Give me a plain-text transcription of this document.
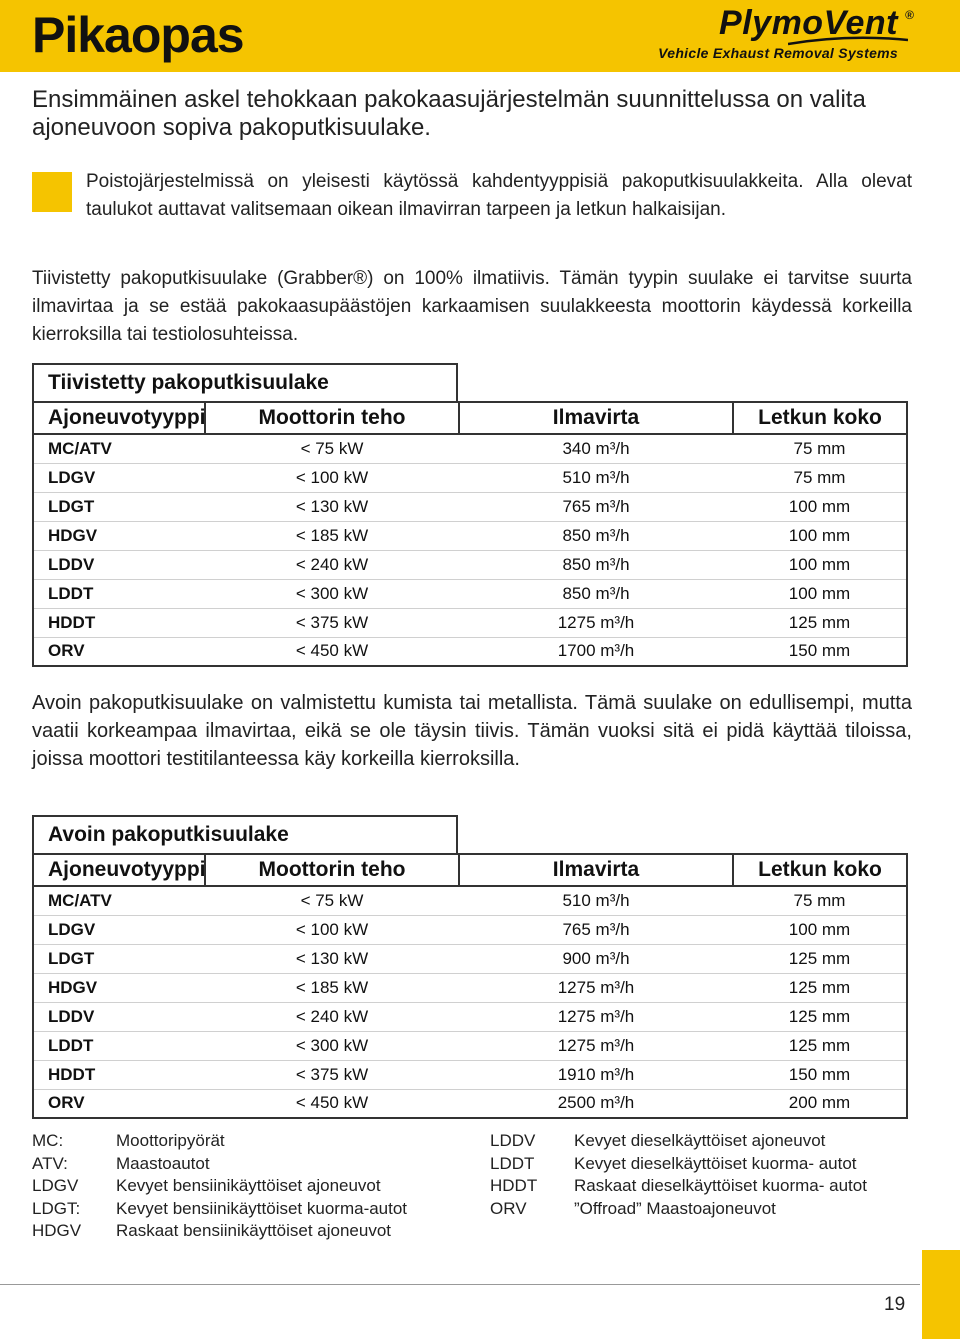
Pikaopas	PlymoVent ®
Vehicle Exhaust Removal Systems

Ensimmäinen askel tehokkaan pakokaasujärjestelmän suunnittelussa on valita ajoneuvoon sopiva pakoputkisuulake.

Poistojärjestelmissä on yleisesti käytössä kahdentyyppisiä pakoputkisuulakkeita. Alla olevat taulukot auttavat valitsemaan oikean ilmavirran tarpeen ja letkun halkaisijan.

Tiivistetty pakoputkisuulake (Grabber®) on 100% ilmatiivis. Tämän tyypin suulake ei tarvitse suurta ilmavirtaa ja se estää pakokaasupäästöjen karkaamisen suulakkeesta moottorin käydessä korkeilla kierroksilla tai testiolosuhteissa.

Tiivistetty pakoputkisuulake
Ajoneuvotyyppi	Moottorin teho	Ilmavirta	Letkun koko
MC/ATV	< 75 kW	340 m³/h	75 mm
LDGV	< 100 kW	510 m³/h	75 mm
LDGT	< 130 kW	765 m³/h	100 mm
HDGV	< 185 kW	850 m³/h	100 mm
LDDV	< 240 kW	850 m³/h	100 mm
LDDT	< 300 kW	850 m³/h	100 mm
HDDT	< 375 kW	1275 m³/h	125 mm
ORV	< 450 kW	1700 m³/h	150 mm

Avoin pakoputkisuulake on valmistettu kumista tai metallista. Tämä suulake on edullisempi, mutta vaatii korkeampaa ilmavirtaa, eikä se ole täysin tiivis. Tämän vuoksi sitä ei pidä käyttää tiloissa, joissa moottori testitilanteessa käy korkeilla kierroksilla.

Avoin pakoputkisuulake
Ajoneuvotyyppi	Moottorin teho	Ilmavirta	Letkun koko
MC/ATV	< 75 kW	510 m³/h	75 mm
LDGV	< 100 kW	765 m³/h	100 mm
LDGT	< 130 kW	900 m³/h	125 mm
HDGV	< 185 kW	1275 m³/h	125 mm
LDDV	< 240 kW	1275 m³/h	125 mm
LDDT	< 300 kW	1275 m³/h	125 mm
HDDT	< 375 kW	1910 m³/h	150 mm
ORV	< 450 kW	2500 m³/h	200 mm
MC:	Moottoripyörät
ATV:	Maastoautot
LDGV	Kevyet bensiinikäyttöiset ajoneuvot
LDGT:	Kevyet bensiinikäyttöiset kuorma-autot
HDGV	Raskaat bensiinikäyttöiset ajoneuvot
LDDV	Kevyet dieselkäyttöiset ajoneuvot
LDDT	Kevyet dieselkäyttöiset kuorma- autot
HDDT	Raskaat dieselkäyttöiset kuorma- autot
ORV	”Offroad” Maastoajoneuvot
19
